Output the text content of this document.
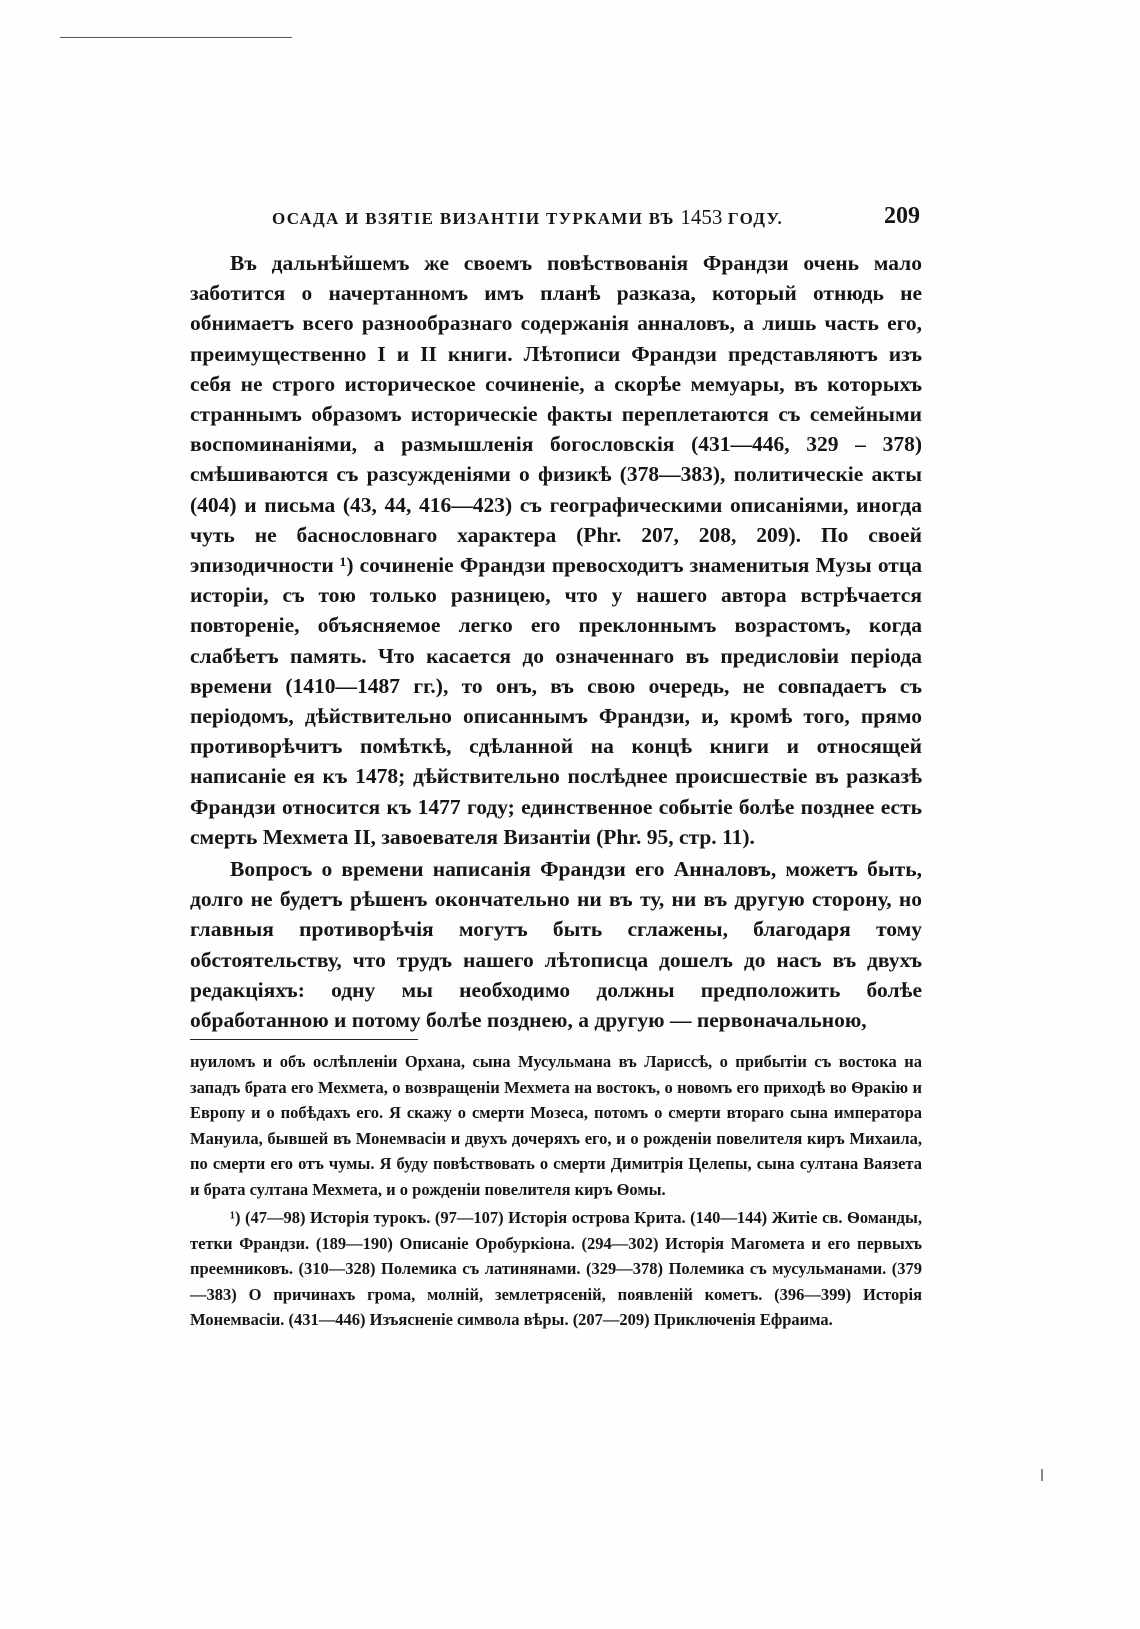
ОСАДА И ВЗЯТІЕ ВИЗАНТІИ ТУРКАМИ ВЪ 1453 ГОДУ.	209

Въ дальнѣйшемъ же своемъ повѣствованія Франдзи очень мало заботится о начертанномъ имъ планѣ разказа, который отнюдь не обнимаетъ всего разнообразнаго содержанія анналовъ, а лишь часть его, преимущественно I и II книги. Лѣтописи Франдзи представляютъ изъ себя не строго историческое сочиненіе, а скорѣе мемуары, въ которыхъ страннымъ образомъ историческіе факты переплетаются съ семейными воспоминаніями, а размышленія богословскія (431—446, 329 – 378) смѣшиваются съ разсужденіями о физикѣ (378—383), политическіе акты (404) и письма (43, 44, 416—423) съ географическими описаніями, иногда чуть не баснословнаго характера (Phr. 207, 208, 209). По своей эпизодичности ¹) сочиненіе Франдзи превосходитъ знаменитыя Музы отца исторіи, съ тою только разницею, что у нашего автора встрѣчается повтореніе, объясняемое легко его преклоннымъ возрастомъ, когда слабѣетъ память. Что касается до означеннаго въ предисловіи періода времени (1410—1487 гг.), то онъ, въ свою очередь, не совпадаетъ съ періодомъ, дѣйствительно описаннымъ Франдзи, и, кромѣ того, прямо противорѣчитъ помѣткѣ, сдѣланной на концѣ книги и относящей написаніе ея къ 1478; дѣйствительно послѣднее происшествіе въ разказѣ Франдзи относится къ 1477 году; единственное событіе болѣе позднее есть смерть Мехмета II, завоевателя Византіи (Phr. 95, стр. 11).

Вопросъ о времени написанія Франдзи его Анналовъ, можетъ быть, долго не будетъ рѣшенъ окончательно ни въ ту, ни въ другую сторону, но главныя противорѣчія могутъ быть сглажены, благодаря тому обстоятельству, что трудъ нашего лѣтописца дошелъ до насъ въ двухъ редакціяхъ: одну мы необходимо должны предположить болѣе обработанною и потому болѣе позднею, а другую — первоначальною,

нуиломъ и объ ослѣпленіи Орхана, сына Мусульмана въ Ларисcѣ, о прибытіи съ востока на западъ брата его Мехмета, о возвращеніи Мехмета на востокъ, о новомъ его приходѣ во Ѳракію и Европу и о побѣдахъ его. Я скажу о смерти Мозеса, потомъ о смерти втораго сына императора Мануила, бывшей въ Монемвасіи и двухъ дочеряхъ его, и о рожденіи повелителя киръ Михаила, по смерти его отъ чумы. Я буду повѣствовать о смерти Димитрія Целепы, сына султана Ваязета и брата султана Мехмета, и о рожденіи повелителя киръ Ѳомы.

¹) (47—98) Исторія турокъ. (97—107) Исторія острова Крита. (140—144) Житіе св. Ѳоманды, тетки Франдзи. (189—190) Описаніе Оробуркіона. (294—302) Исторія Магомета и его первыхъ преемниковъ. (310—328) Полемика съ латинянами. (329—378) Полемика съ мусульманами. (379—383) О причинахъ грома, молній, землетрясеній, появленій кометъ. (396—399) Исторія Монемвасіи. (431—446) Изъясненіе символа вѣры. (207—209) Приключенія Ефраима.
